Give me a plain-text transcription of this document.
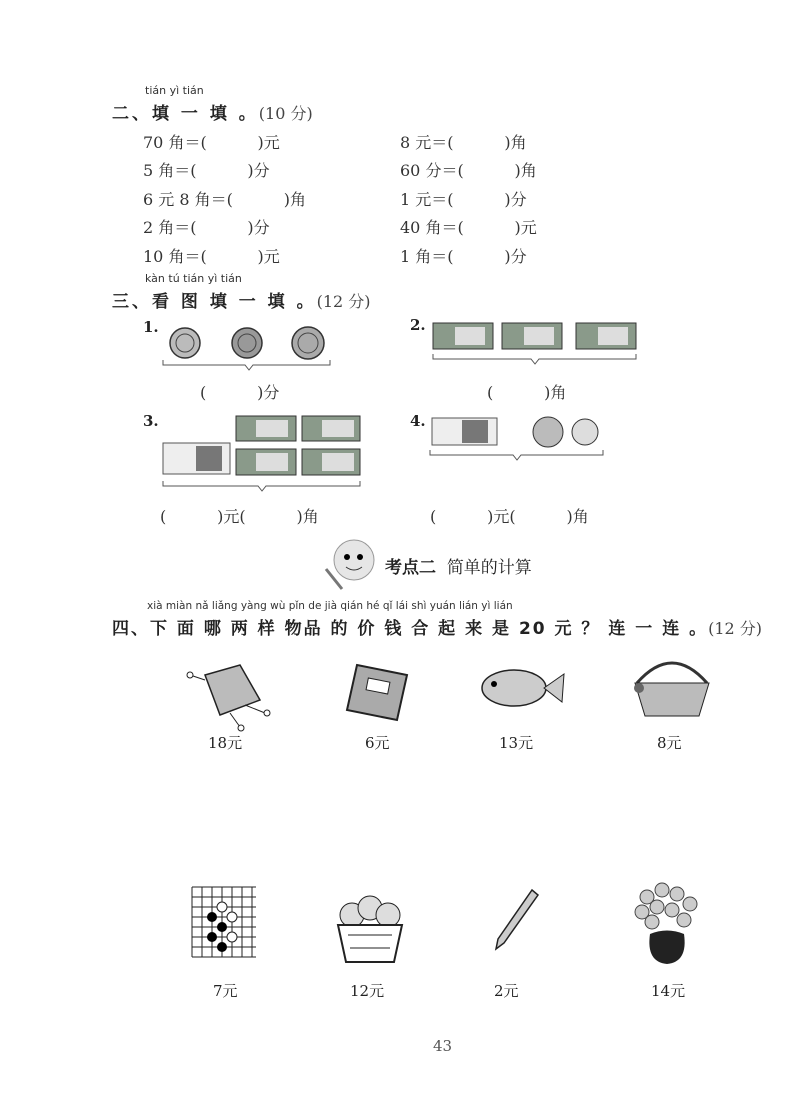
tián yì tián
二、填 一 填 。(10 分)
70 角＝(          )元	8 元＝(          )角
5 角＝(          )分	60 分＝(          )角
6 元 8 角＝(          )角	1 元＝(          )分
2 角＝(          )分	40 角＝(          )元
10 角＝(          )元	1 角＝(          )分
kàn tú tián yì tián
三、看 图 填 一 填 。(12 分)
1.	2.
(          )分	(          )角
3.	4.
(          )元(          )角	(          )元(          )角
考点二 简单的计算
xià miàn nǎ liǎng yàng wù pǐn de jià qián hé qǐ lái shì yuán lián yì lián
四、下 面 哪 两 样 物品 的 价 钱 合 起 来 是 20 元 ？ 连 一 连 。(12 分)
18元	6元	13元	8元
7元	12元	2元	14元
43
